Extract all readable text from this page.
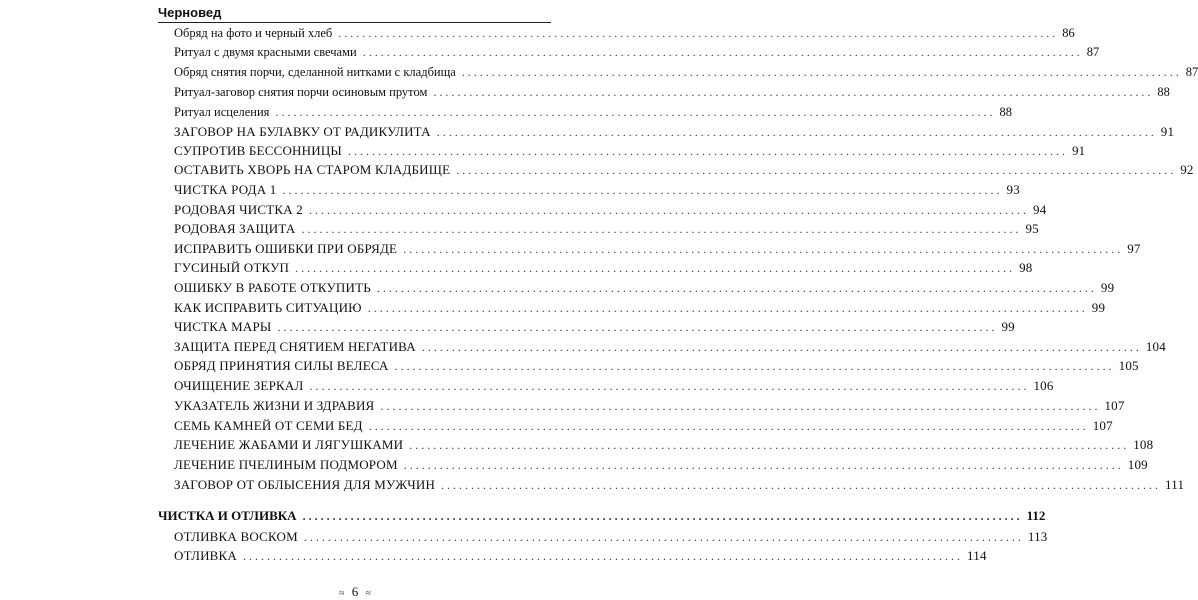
Черновед
Обряд на фото и черный хлеб ........................................................................................................................ 86
Ритуал с двумя красными свечами ........................................................................................................................ 87
Обряд снятия порчи, сделанной нитками с кладбища ........................................................................................................................ 87
Ритуал-заговор снятия порчи осиновым прутом ........................................................................................................................ 88
Ритуал исцеления ........................................................................................................................ 88
ЗАГОВОР НА БУЛАВКУ ОТ РАДИКУЛИТА ........................................................................................................................ 91
СУПРОТИВ БЕССОННИЦЫ ........................................................................................................................ 91
ОСТАВИТЬ ХВОРЬ НА СТАРОМ КЛАДБИЩЕ ........................................................................................................................ 92
ЧИСТКА РОДА 1 ........................................................................................................................ 93
РОДОВАЯ ЧИСТКА 2 ........................................................................................................................ 94
РОДОВАЯ ЗАЩИТА ........................................................................................................................ 95
ИСПРАВИТЬ ОШИБКИ ПРИ ОБРЯДЕ ........................................................................................................................ 97
ГУСИНЫЙ ОТКУП ........................................................................................................................ 98
ОШИБКУ В РАБОТЕ ОТКУПИТЬ ........................................................................................................................ 99
КАК ИСПРАВИТЬ СИТУАЦИЮ ........................................................................................................................ 99
ЧИСТКА МАРЫ ........................................................................................................................ 99
ЗАЩИТА ПЕРЕД СНЯТИЕМ НЕГАТИВА ........................................................................................................................ 104
ОБРЯД ПРИНЯТИЯ СИЛЫ ВЕЛЕСА ........................................................................................................................ 105
ОЧИЩЕНИЕ ЗЕРКАЛ ........................................................................................................................ 106
УКАЗАТЕЛЬ ЖИЗНИ И ЗДРАВИЯ ........................................................................................................................ 107
СЕМЬ КАМНЕЙ ОТ СЕМИ БЕД ........................................................................................................................ 107
ЛЕЧЕНИЕ ЖАБАМИ И ЛЯГУШКАМИ ........................................................................................................................ 108
ЛЕЧЕНИЕ ПЧЕЛИНЫМ ПОДМОРОМ ........................................................................................................................ 109
ЗАГОВОР ОТ ОБЛЫСЕНИЯ ДЛЯ МУЖЧИН ........................................................................................................................ 111
ЧИСТКА И ОТЛИВКА ........................................................................................................................ 112
ОТЛИВКА ВОСКОМ ........................................................................................................................ 113
ОТЛИВКА ........................................................................................................................ 114
≈ 6 ≈
